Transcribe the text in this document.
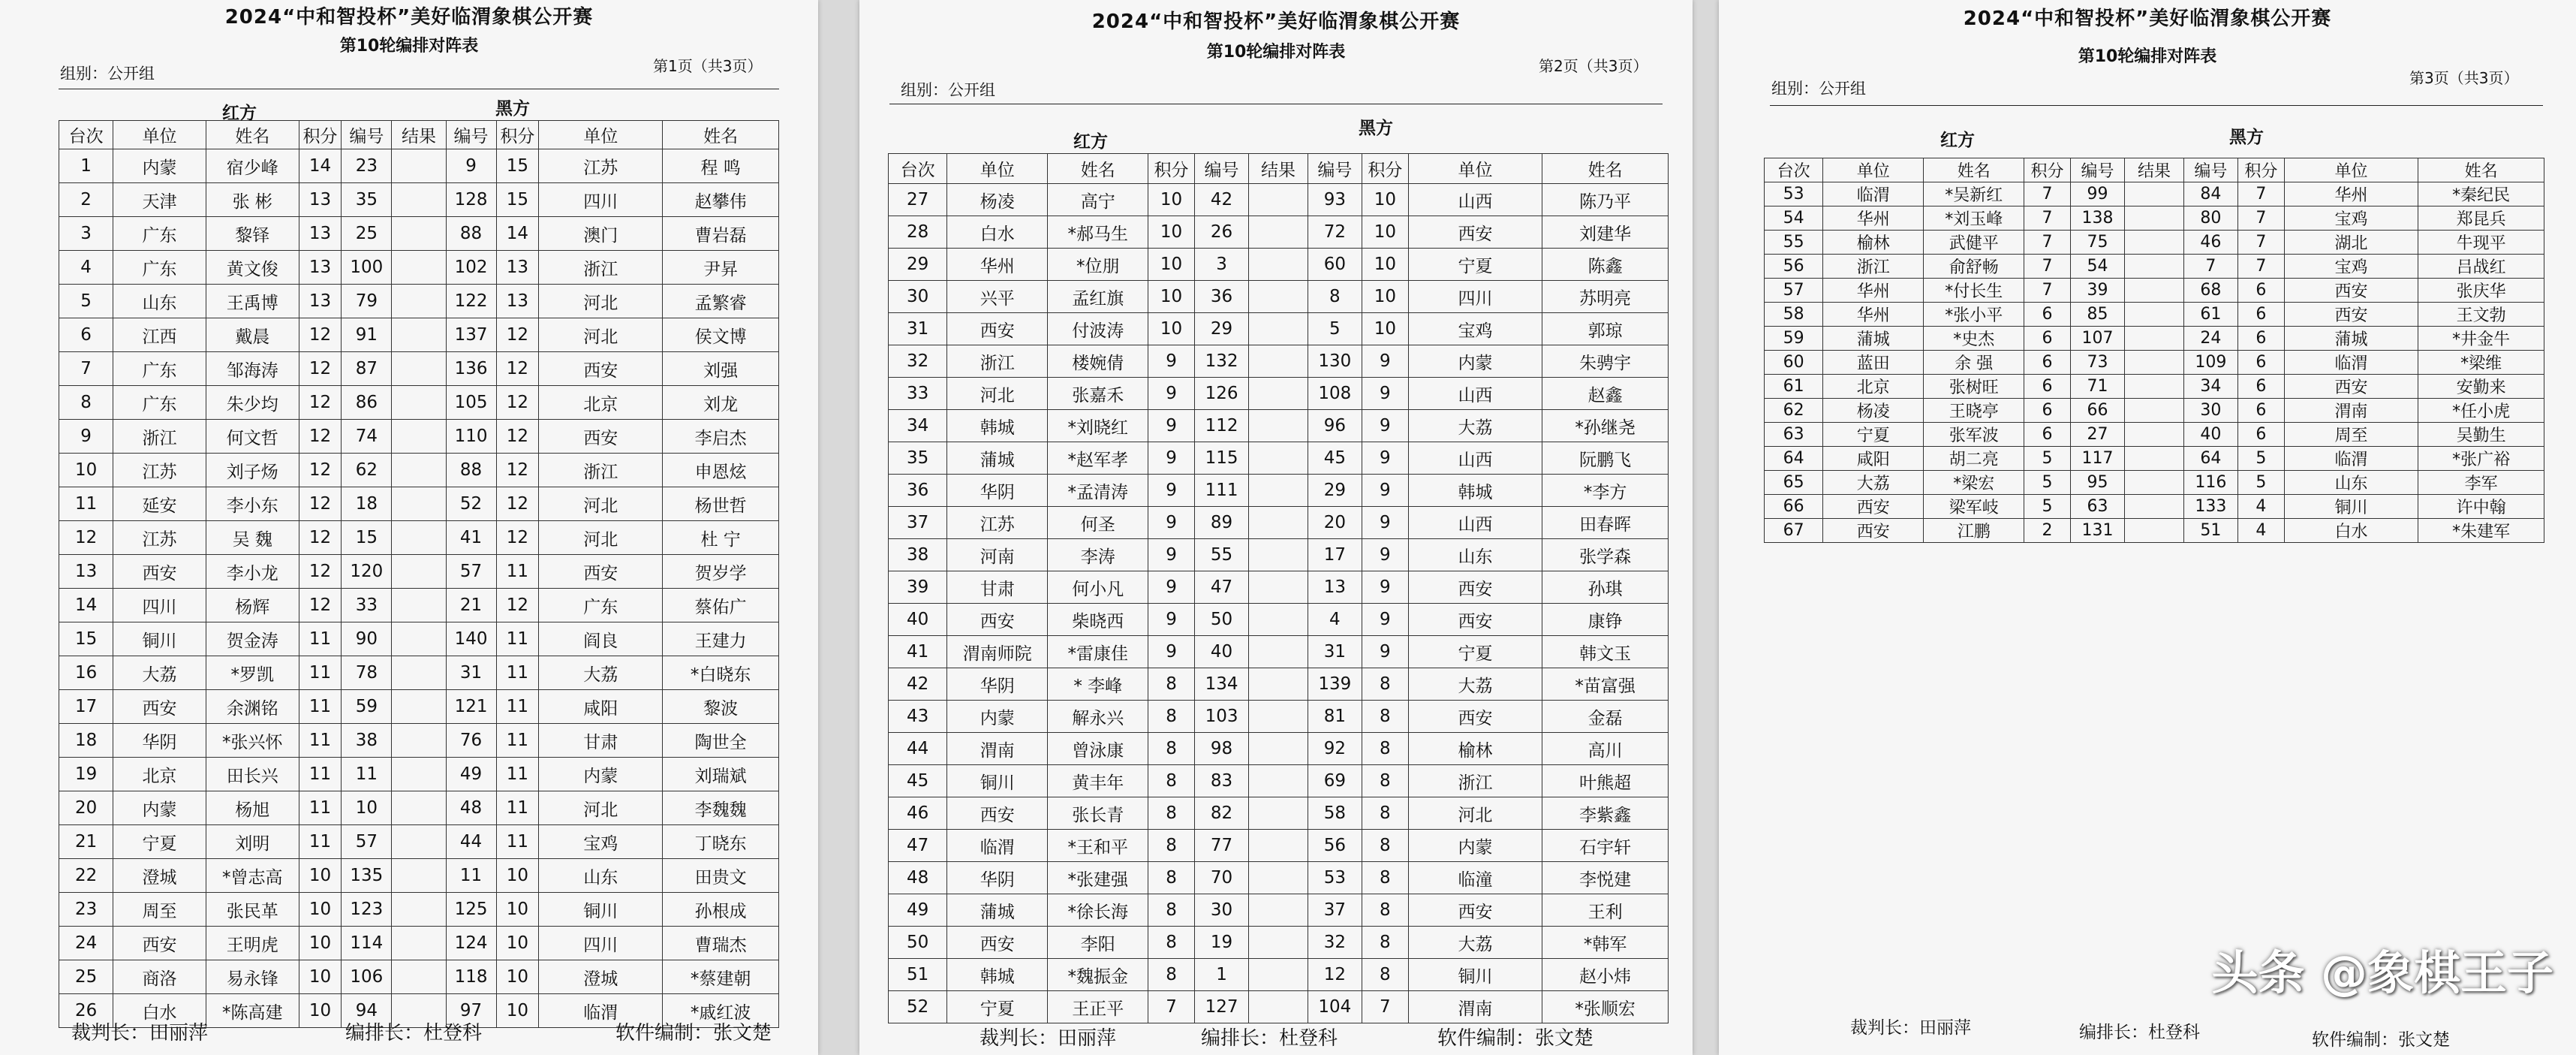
2024“中和智投杯”美好临渭象棋公开赛
第10轮编排对阵表
组别：公开组	第1页（共3页）
红方	黑方
台次	单位	姓名	积分	编号	结果	编号	积分	单位	姓名
1	内蒙	宿少峰	14	23		9	15	江苏	程 鸣
2	天津	张 彬	13	35		128	15	四川	赵攀伟
3	广东	黎铎	13	25		88	14	澳门	曹岩磊
4	广东	黄文俊	13	100		102	13	浙江	尹昇
5	山东	王禹博	13	79		122	13	河北	孟繁睿
6	江西	戴晨	12	91		137	12	河北	侯文博
7	广东	邹海涛	12	87		136	12	西安	刘强
8	广东	朱少均	12	86		105	12	北京	刘龙
9	浙江	何文哲	12	74		110	12	西安	李启杰
10	江苏	刘子炀	12	62		88	12	浙江	申恩炫
11	延安	李小东	12	18		52	12	河北	杨世哲
12	江苏	吴 魏	12	15		41	12	河北	杜 宁
13	西安	李小龙	12	120		57	11	西安	贺岁学
14	四川	杨辉	12	33		21	12	广东	蔡佑广
15	铜川	贺金涛	11	90		140	11	阎良	王建力
16	大荔	*罗凯	11	78		31	11	大荔	*白晓东
17	西安	余渊铭	11	59		121	11	咸阳	黎波
18	华阴	*张兴怀	11	38		76	11	甘肃	陶世全
19	北京	田长兴	11	11		49	11	内蒙	刘瑞斌
20	内蒙	杨旭	11	10		48	11	河北	李魏魏
21	宁夏	刘明	11	57		44	11	宝鸡	丁晓东
22	澄城	*曾志高	10	135		11	10	山东	田贵文
23	周至	张民革	10	123		125	10	铜川	孙根成
24	西安	王明虎	10	114		124	10	四川	曹瑞杰
25	商洛	易永锋	10	106		118	10	澄城	*蔡建朝
26	白水	*陈高建	10	94		97	10	临渭	*戚红波
裁判长：田丽萍	编排长：杜登科	软件编制：张文楚
2024“中和智投杯”美好临渭象棋公开赛
第10轮编排对阵表
组别：公开组
第2页（共3页）
红方
黑方
台次	单位	姓名	积分	编号	结果	编号	积分	单位	姓名
27	杨凌	高宁	10	42		93	10	山西	陈乃平
28	白水	*郝马生	10	26		72	10	西安	刘建华
29	华州	*位朋	10	3		60	10	宁夏	陈鑫
30	兴平	孟红旗	10	36		8	10	四川	苏明亮
31	西安	付波涛	10	29		5	10	宝鸡	郭琼
32	浙江	楼婉倩	9	132		130	9	内蒙	朱骋宇
33	河北	张嘉禾	9	126		108	9	山西	赵鑫
34	韩城	*刘晓红	9	112		96	9	大荔	*孙继尧
35	蒲城	*赵军孝	9	115		45	9	山西	阮鹏飞
36	华阴	*孟清涛	9	111		29	9	韩城	*李方
37	江苏	何圣	9	89		20	9	山西	田春晖
38	河南	李涛	9	55		17	9	山东	张学森
39	甘肃	何小凡	9	47		13	9	西安	孙琪
40	西安	柴晓西	9	50		4	9	西安	康铮
41	渭南师院	*雷康佳	9	40		31	9	宁夏	韩文玉
42	华阴	* 李峰	8	134		139	8	大荔	*苗富强
43	内蒙	解永兴	8	103		81	8	西安	金磊
44	渭南	曾泳康	8	98		92	8	榆林	高川
45	铜川	黄丰年	8	83		69	8	浙江	叶熊超
46	西安	张长青	8	82		58	8	河北	李紫鑫
47	临渭	*王和平	8	77		56	8	内蒙	石宇轩
48	华阴	*张建强	8	70		53	8	临潼	李悦建
49	蒲城	*徐长海	8	30		37	8	西安	王利
50	西安	李阳	8	19		32	8	大荔	*韩军
51	韩城	*魏振金	8	1		12	8	铜川	赵小炜
52	宁夏	王正平	7	127		104	7	渭南	*张顺宏
裁判长：田丽萍	编排长：杜登科	软件编制：张文楚
2024“中和智投杯”美好临渭象棋公开赛
第10轮编排对阵表
组别：公开组
第3页（共3页）
红方	黑方
台次	单位	姓名	积分	编号	结果	编号	积分	单位	姓名
53	临渭	*吴新红	7	99		84	7	华州	*秦纪民
54	华州	*刘玉峰	7	138		80	7	宝鸡	郑昆兵
55	榆林	武健平	7	75		46	7	湖北	牛现平
56	浙江	俞舒畅	7	54		7	7	宝鸡	吕战红
57	华州	*付长生	7	39		68	6	西安	张庆华
58	华州	*张小平	6	85		61	6	西安	王文勃
59	蒲城	*史杰	6	107		24	6	蒲城	*井金牛
60	蓝田	余 强	6	73		109	6	临渭	*梁维
61	北京	张树旺	6	71		34	6	西安	安勤来
62	杨凌	王晓亭	6	66		30	6	渭南	*任小虎
63	宁夏	张军波	6	27		40	6	周至	吴勤生
64	咸阳	胡二亮	5	117		64	5	临渭	*张广裕
65	大荔	*梁宏	5	95		116	5	山东	李军
66	西安	梁军岐	5	63		133	4	铜川	许中翰
67	西安	江鹏	2	131		51	4	白水	*朱建军
裁判长：田丽萍	编排长：杜登科	软件编制：张文楚
头条 @象棋王子
